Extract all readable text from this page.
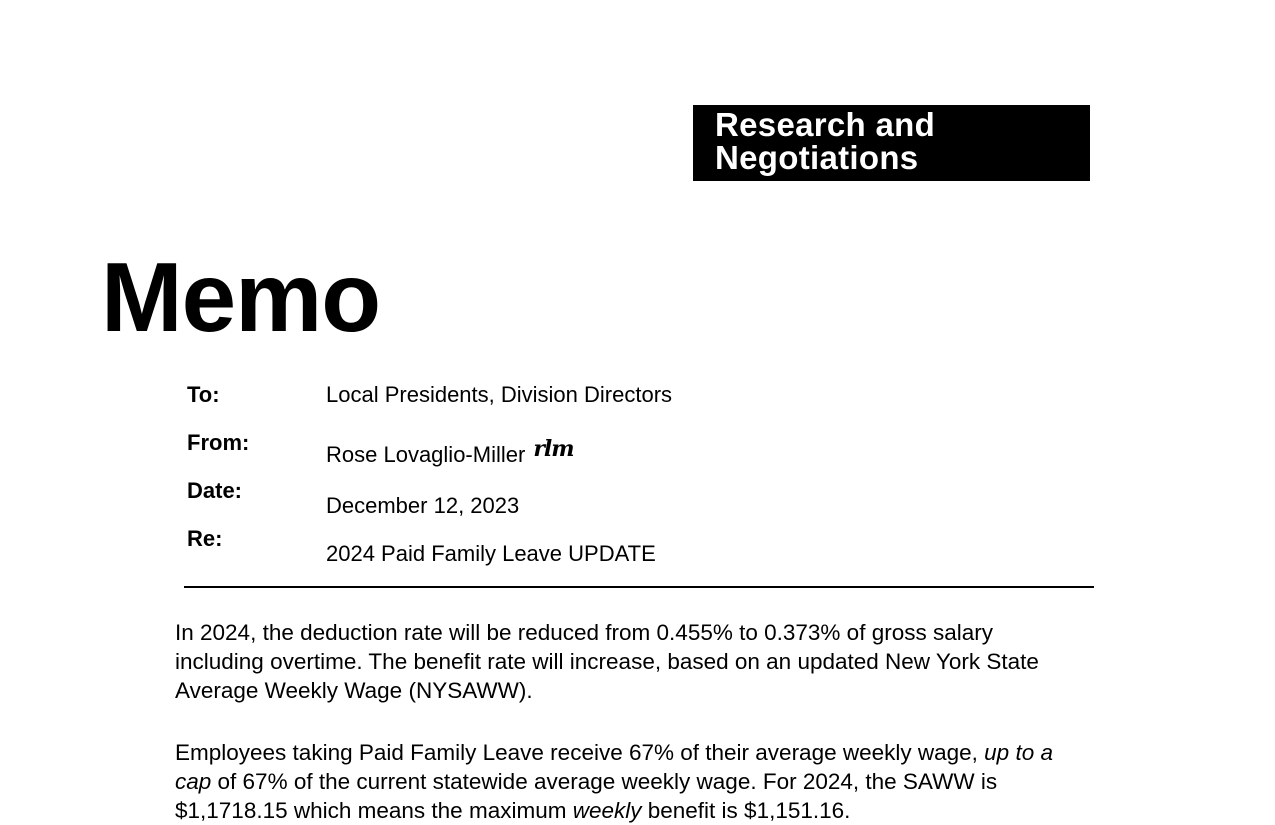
Research and
Negotiations
Memo
To:	Local Presidents, Division Directors
From:	Rose Lovaglio-Miller rlm
Date:
December 12, 2023
Re:
2024 Paid Family Leave UPDATE

In 2024, the deduction rate will be reduced from 0.455% to 0.373% of gross salary including overtime. The benefit rate will increase, based on an updated New York State Average Weekly Wage (NYSAWW).

Employees taking Paid Family Leave receive 67% of their average weekly wage, up to a cap of 67% of the current statewide average weekly wage. For 2024, the SAWW is $1,1718.15 which means the maximum weekly benefit is $1,151.16.
